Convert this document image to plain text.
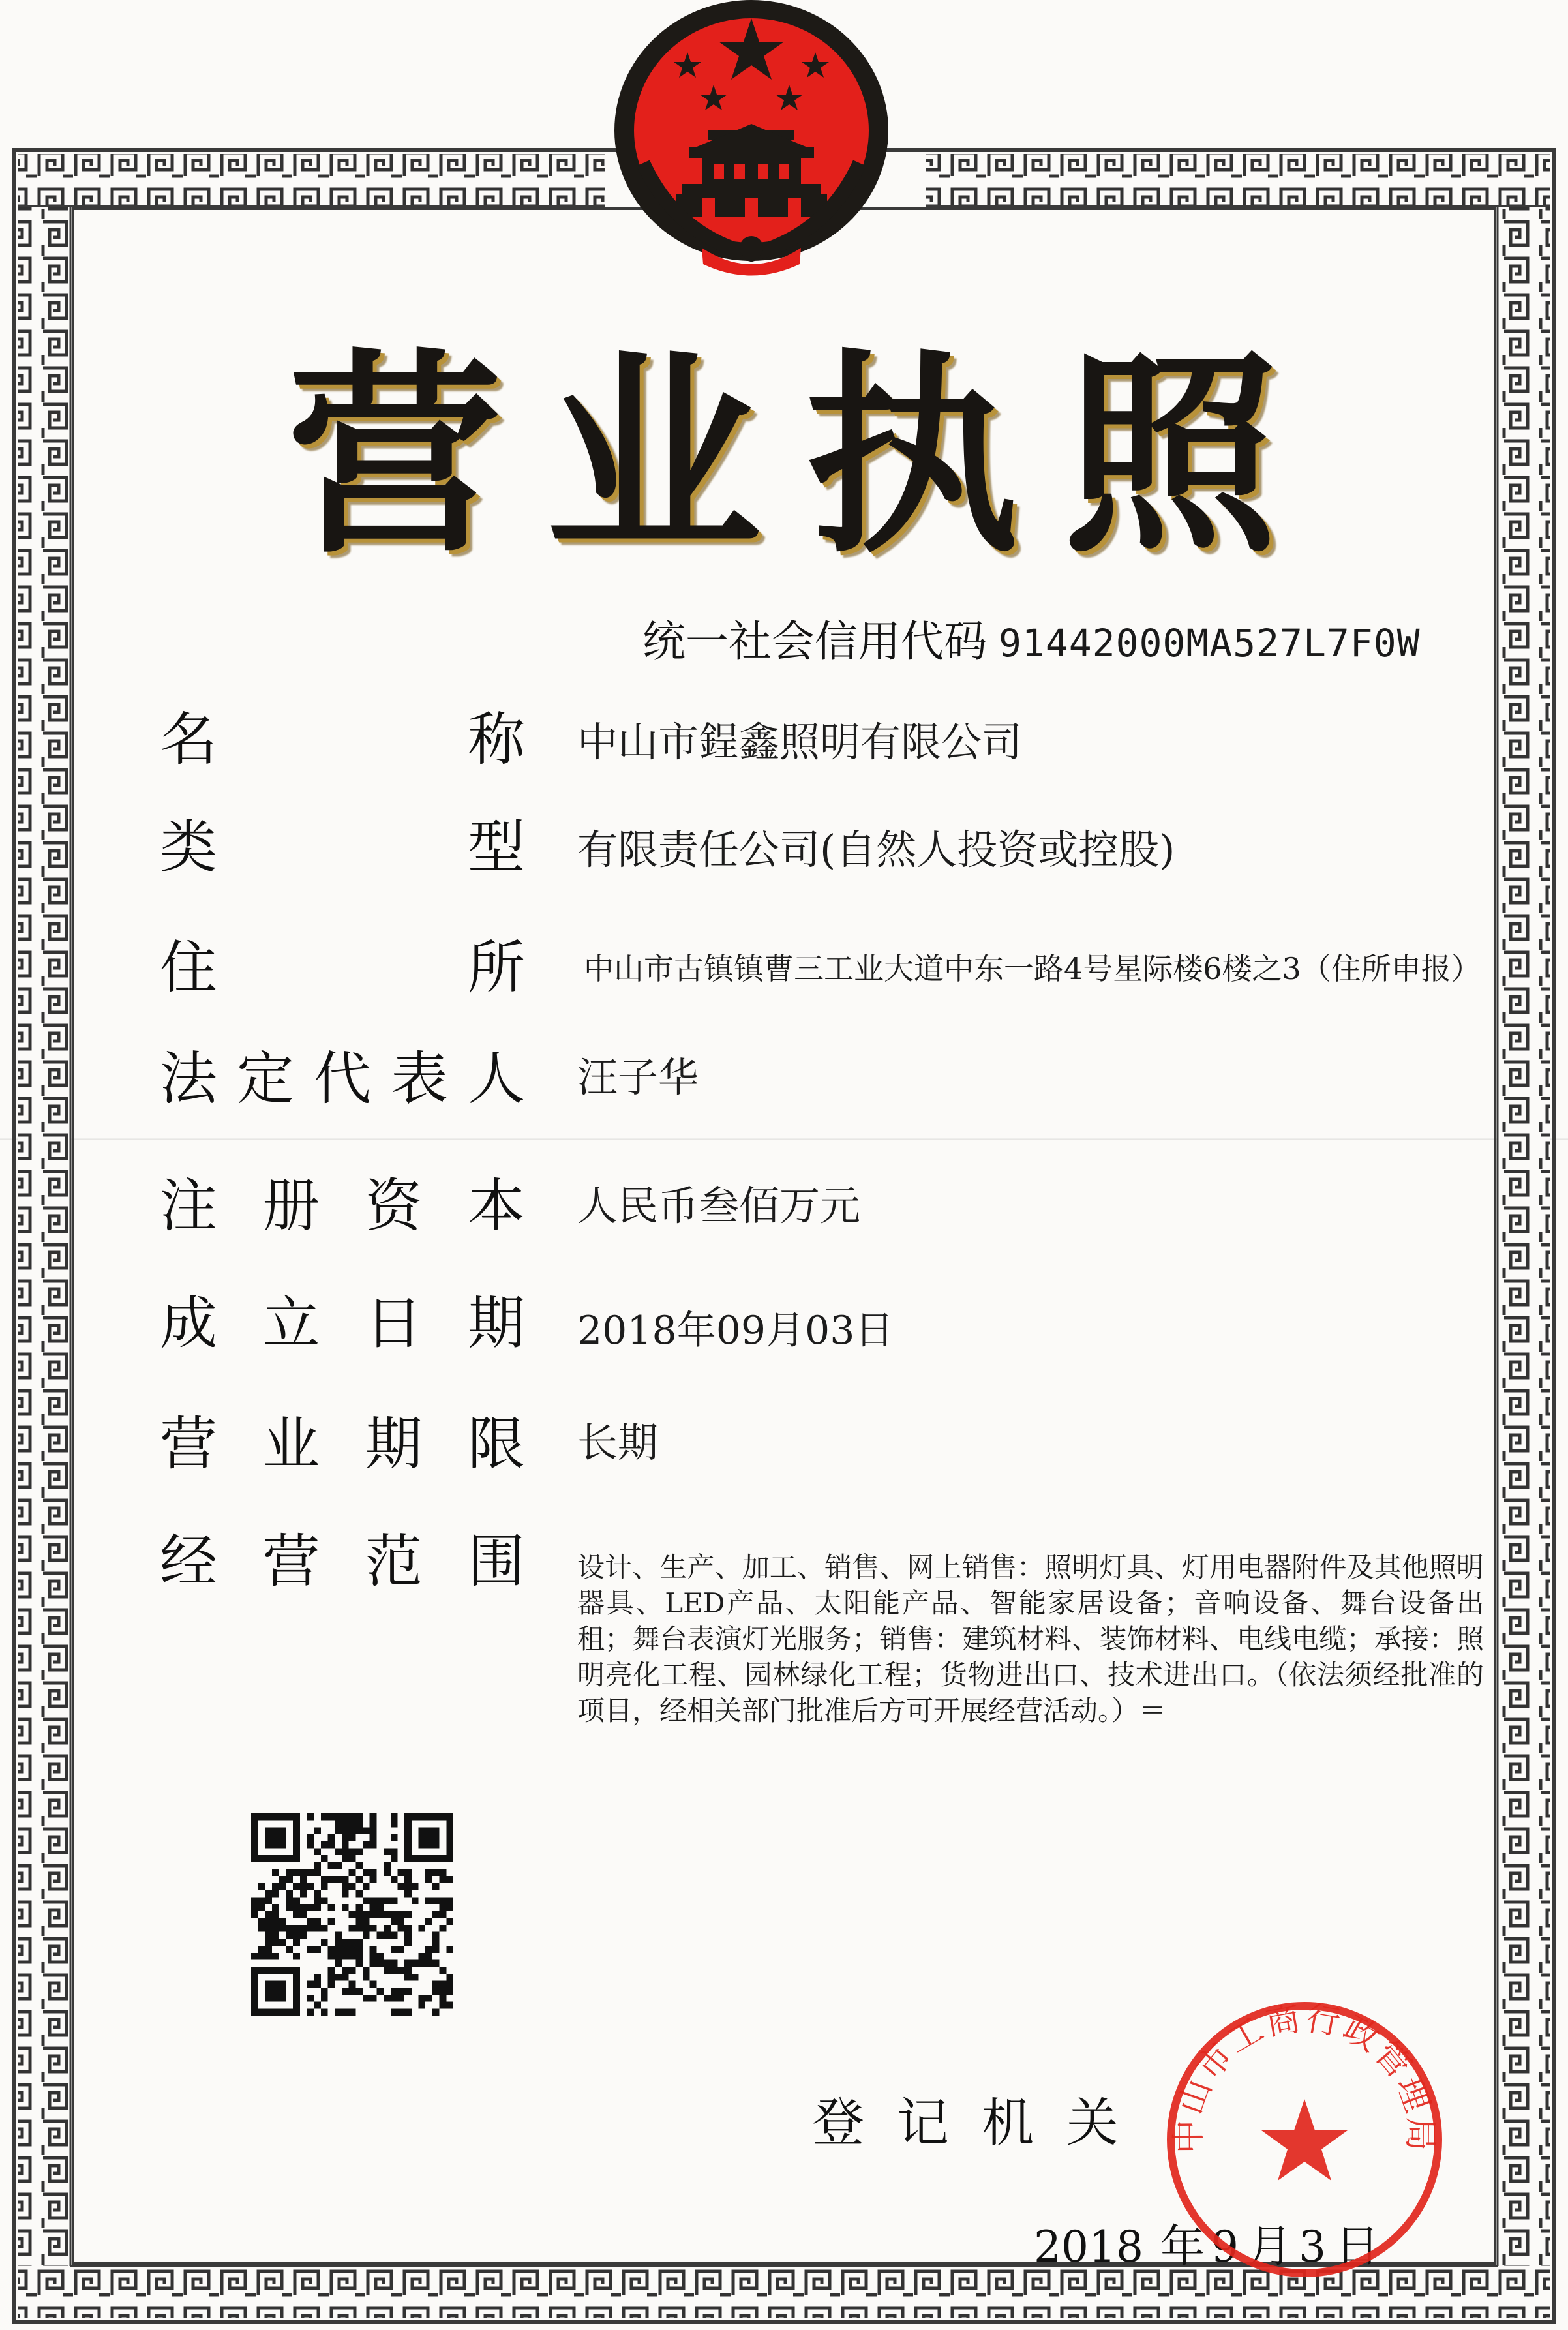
营 业 执 照
统一社会信用代码 91442000MA527L7F0W
名	称 中山市鋥鑫照明有限公司
类	型 有限责任公司(自然人投资或控股)
住	所 中山市古镇镇曹三工业大道中东一路4号星际楼6楼之3（住所申报）
法 定 代 表 人 汪子华
注 册 资 本 人民币叁佰万元
成 立 日 期 2018年09月03日
营 业 期 限 长期
经 营 范 围 设计、生产、加工、销售、网上销售：照明灯具、灯用电器附件及其他照明器具、LED产品、太阳能产品、智能家居设备；音响设备、舞台设备出租；舞台表演灯光服务；销售：建筑材料、装饰材料、电线电缆；承接：照明亮化工程、园林绿化工程；货物进出口、技术进出口。（依法须经批准的项目，经相关部门批准后方可开展经营活动。）＝
登 记 机 关
2018 年 9 月 3 日
中山市工商行政管理局
